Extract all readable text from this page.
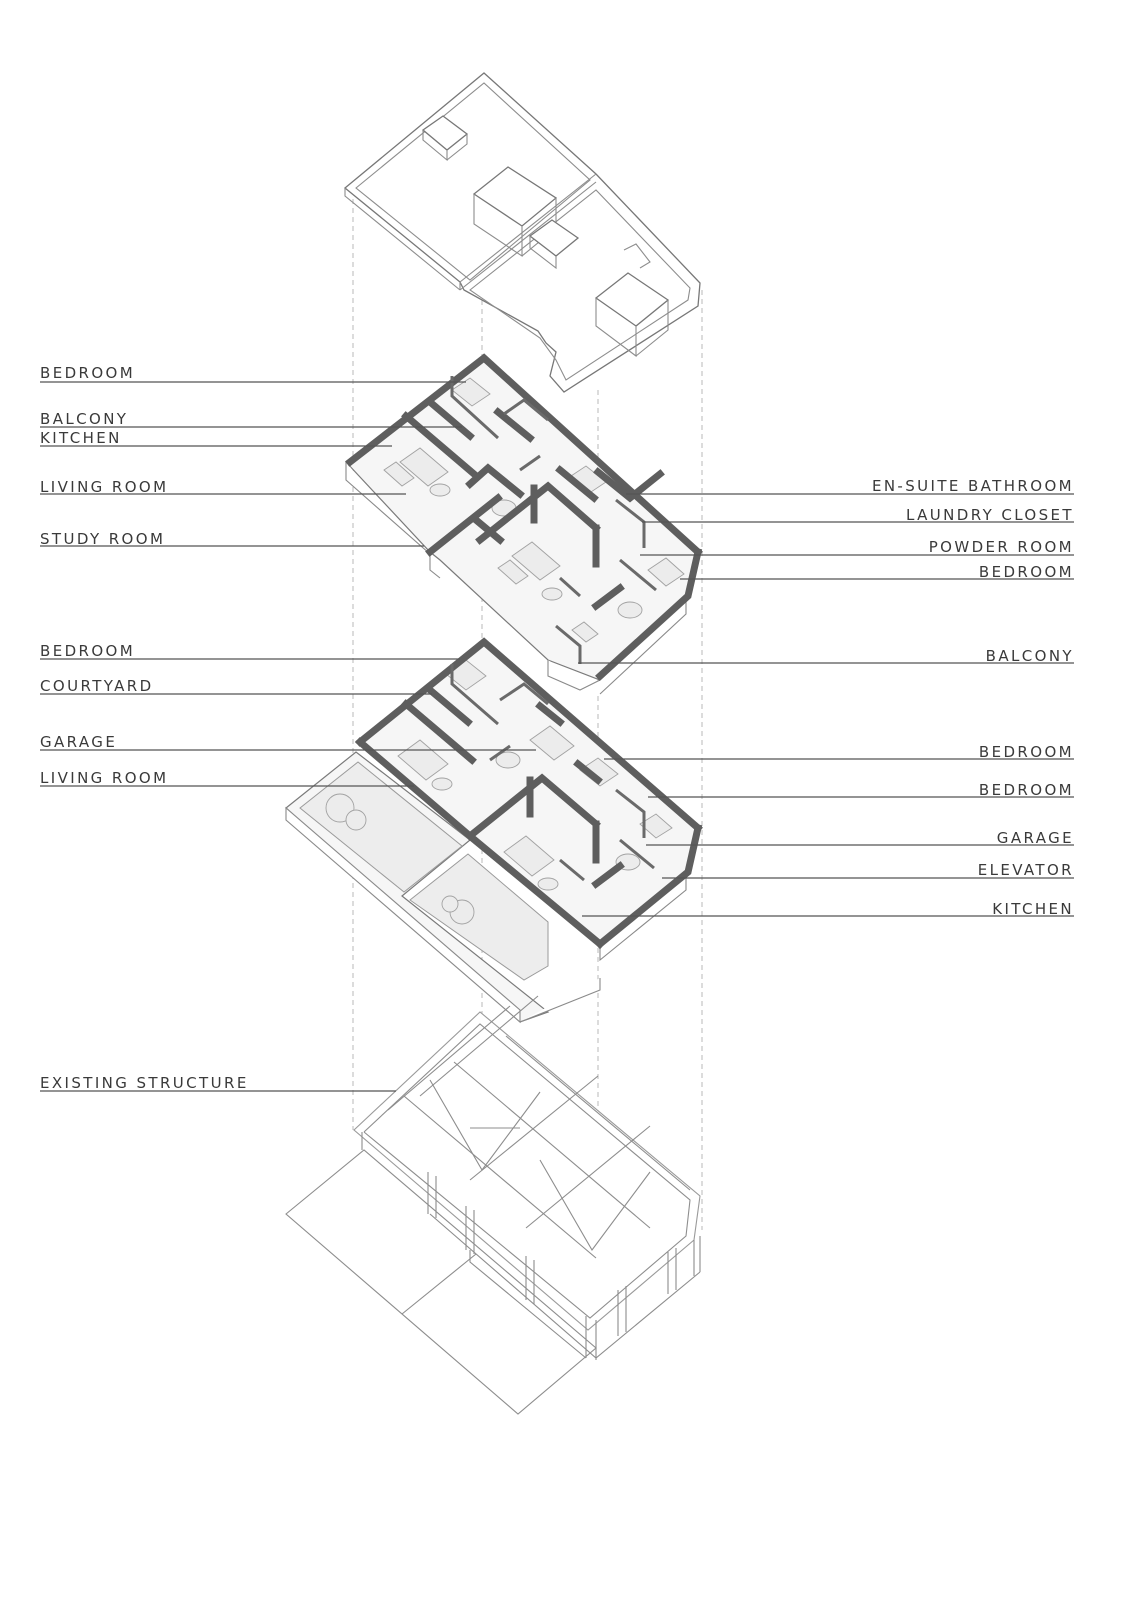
BEDROOM
BALCONY
KITCHEN
LIVING ROOM
STUDY ROOM
EN-SUITE BATHROOM
LAUNDRY CLOSET
POWDER ROOM
BEDROOM
BALCONY
BEDROOM
COURTYARD
GARAGE
LIVING ROOM
BEDROOM
BEDROOM
GARAGE
ELEVATOR
KITCHEN
EXISTING STRUCTURE
